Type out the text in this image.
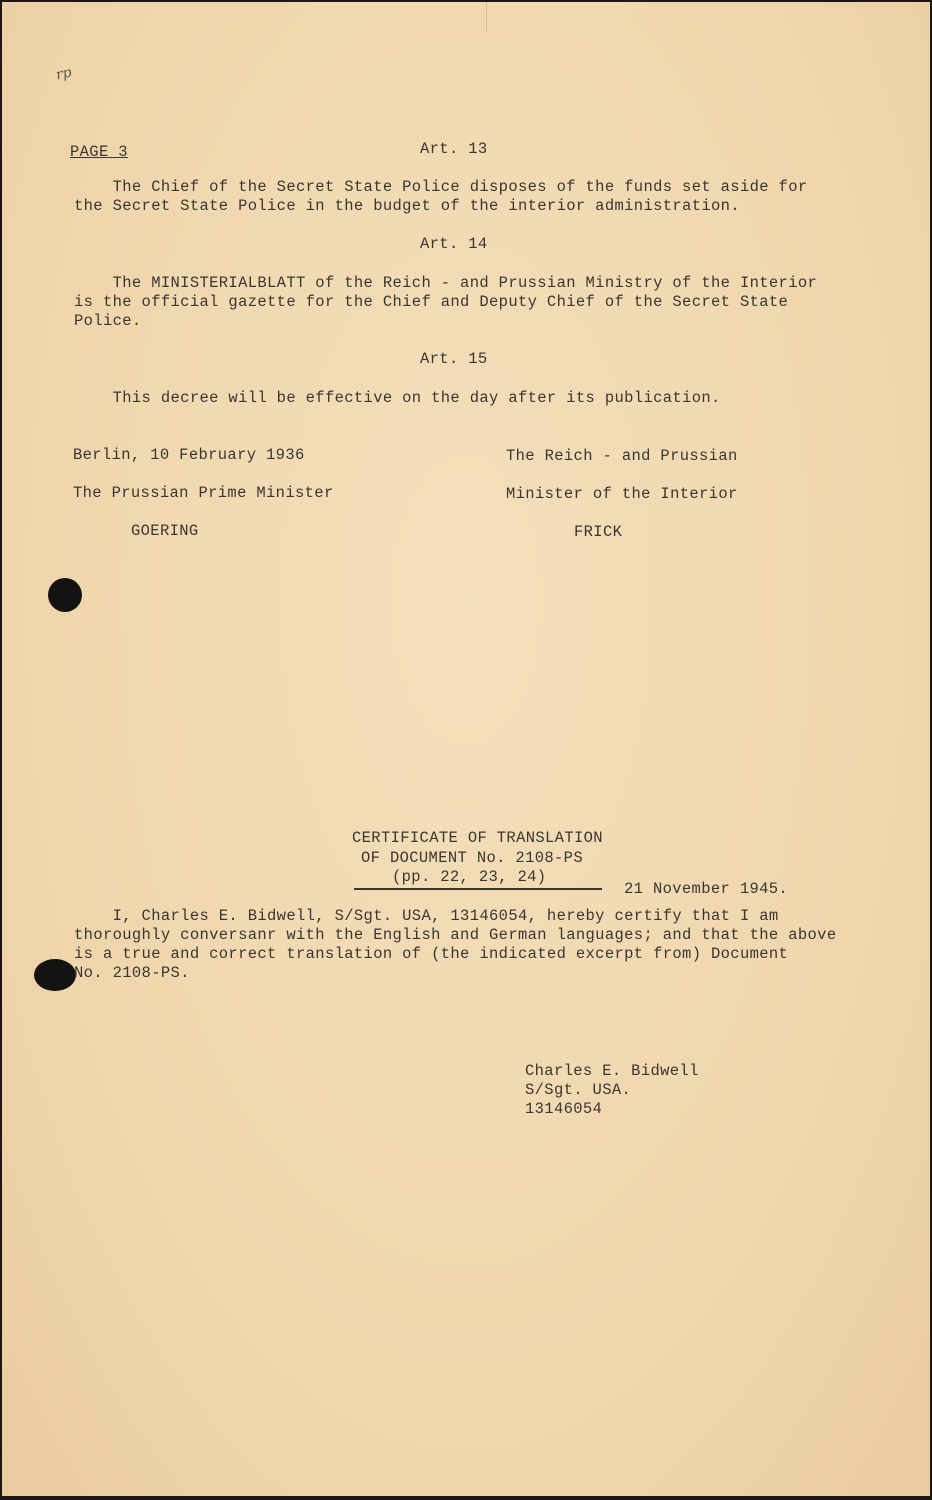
rp

PAGE 3	Art. 13

The Chief of the Secret State Police disposes of the funds set aside for

the Secret State Police in the budget of the interior administration.

Art. 14

The MINISTERIALBLATT of the Reich - and Prussian Ministry of the Interior

is the official gazette for the Chief and Deputy Chief of the Secret State

Police.

Art. 15

This decree will be effective on the day after its publication.

Berlin, 10 February 1936

The Prussian Prime Minister

GOERING

The Reich - and Prussian

Minister of the Interior

FRICK

CERTIFICATE OF TRANSLATION

OF DOCUMENT No. 2108-PS

(pp. 22, 23, 24)

21 November 1945.

I, Charles E. Bidwell, S/Sgt. USA, 13146054, hereby certify that I am

thoroughly conversanr with the English and German languages; and that the above

is a true and correct translation of (the indicated excerpt from) Document

No. 2108-PS.

Charles E. Bidwell

S/Sgt. USA.

13146054
